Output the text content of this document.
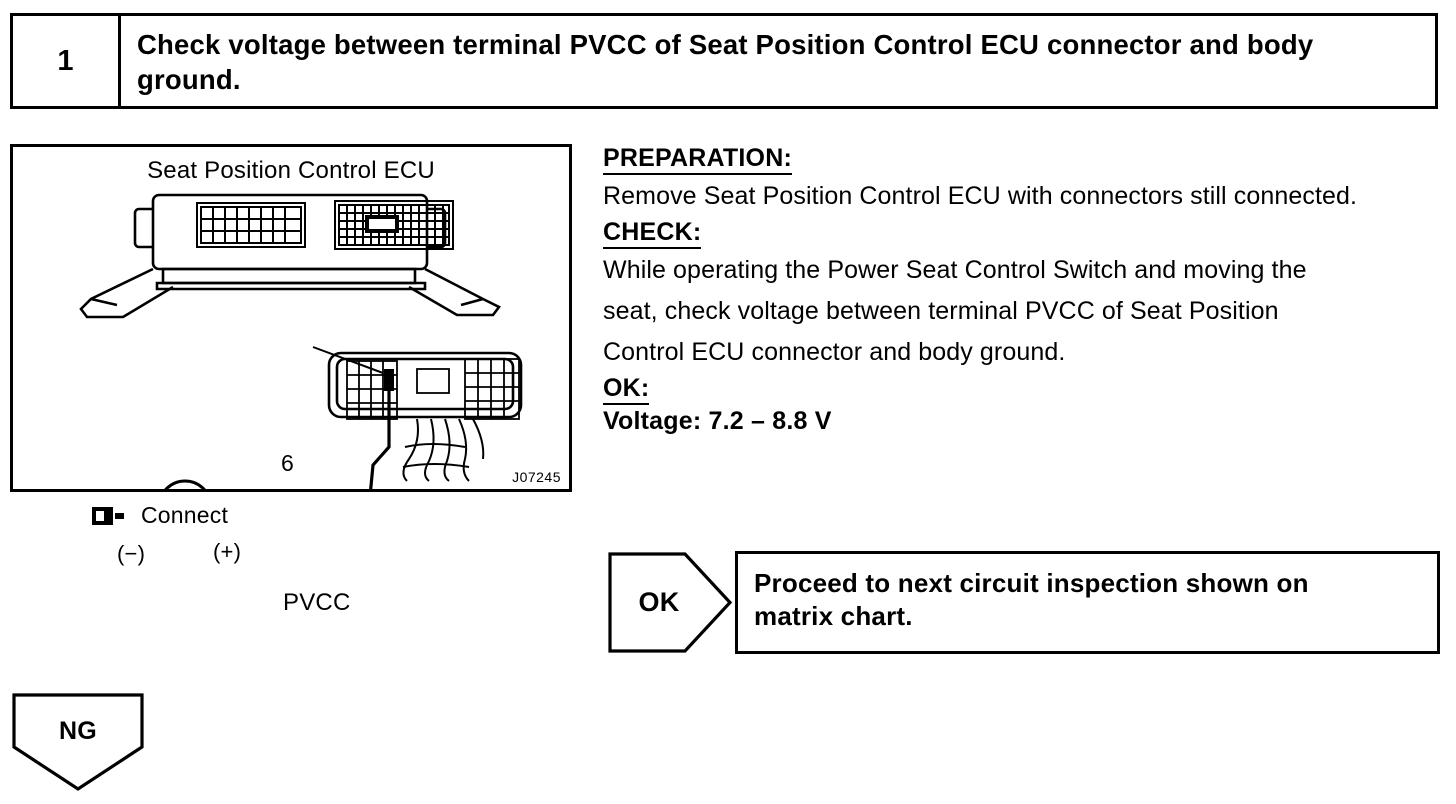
1	Check voltage between terminal PVCC of Seat Position Control ECU connector and body ground.
Seat Position Control ECU
Connect
(−)	(+)
PVCC
6
J07245
PREPARATION:

Remove Seat Position Control ECU with connectors still connected.

CHECK:

While operating the Power Seat Control Switch and moving the

seat, check voltage between terminal PVCC of Seat Position

Control ECU connector and body ground.

OK:

Voltage: 7.2 – 8.8 V

OK
Proceed to next circuit inspection shown on
matrix chart.
NG
